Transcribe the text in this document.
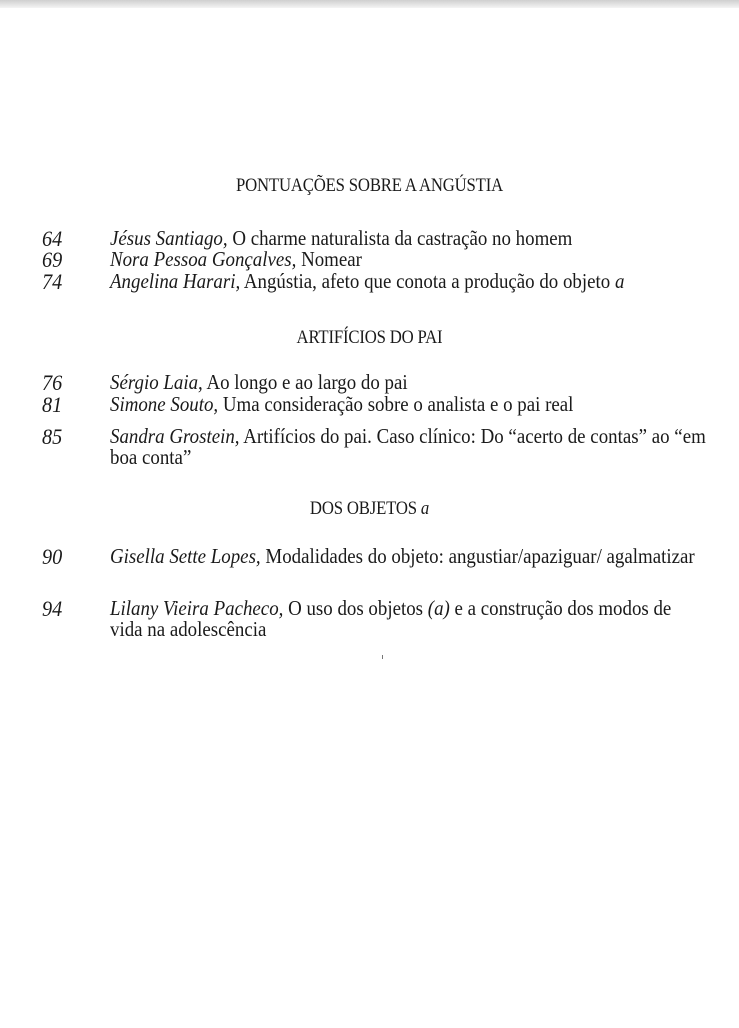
PONTUAÇÕES SOBRE A ANGÚSTIA
64	Jésus Santiago, O charme naturalista da castração no homem
69	Nora Pessoa Gonçalves, Nomear
74	Angelina Harari, Angústia, afeto que conota a produção do objeto a
ARTIFÍCIOS DO PAI
76	Sérgio Laia, Ao longo e ao largo do pai
81	Simone Souto, Uma consideração sobre o analista e o pai real
85	Sandra Grostein, Artifícios do pai. Caso clínico: Do “acerto de contas” ao “em boa conta”
DOS OBJETOS a
90	Gisella Sette Lopes, Modalidades do objeto: angustiar/apaziguar/ agalmatizar
94	Lilany Vieira Pacheco, O uso dos objetos (a) e a construção dos modos de vida na adolescência
